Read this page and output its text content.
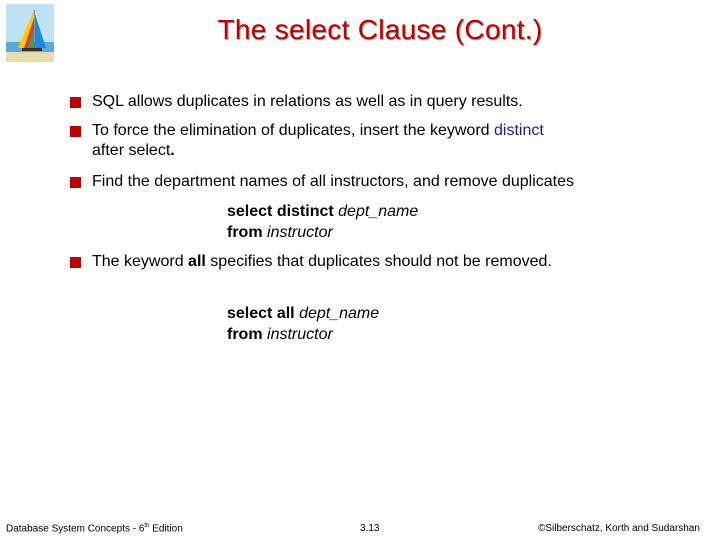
The select Clause (Cont.)
SQL allows duplicates in relations as well as in query results.
To force the elimination of duplicates, insert the keyword distinct
after select.
Find the department names of all instructors, and remove duplicates
select distinct dept_name
from instructor
The keyword all specifies that duplicates should not be removed.
select all dept_name
from instructor
Database System Concepts - 6th Edition	3.13	©Silberschatz, Korth and Sudarshan
